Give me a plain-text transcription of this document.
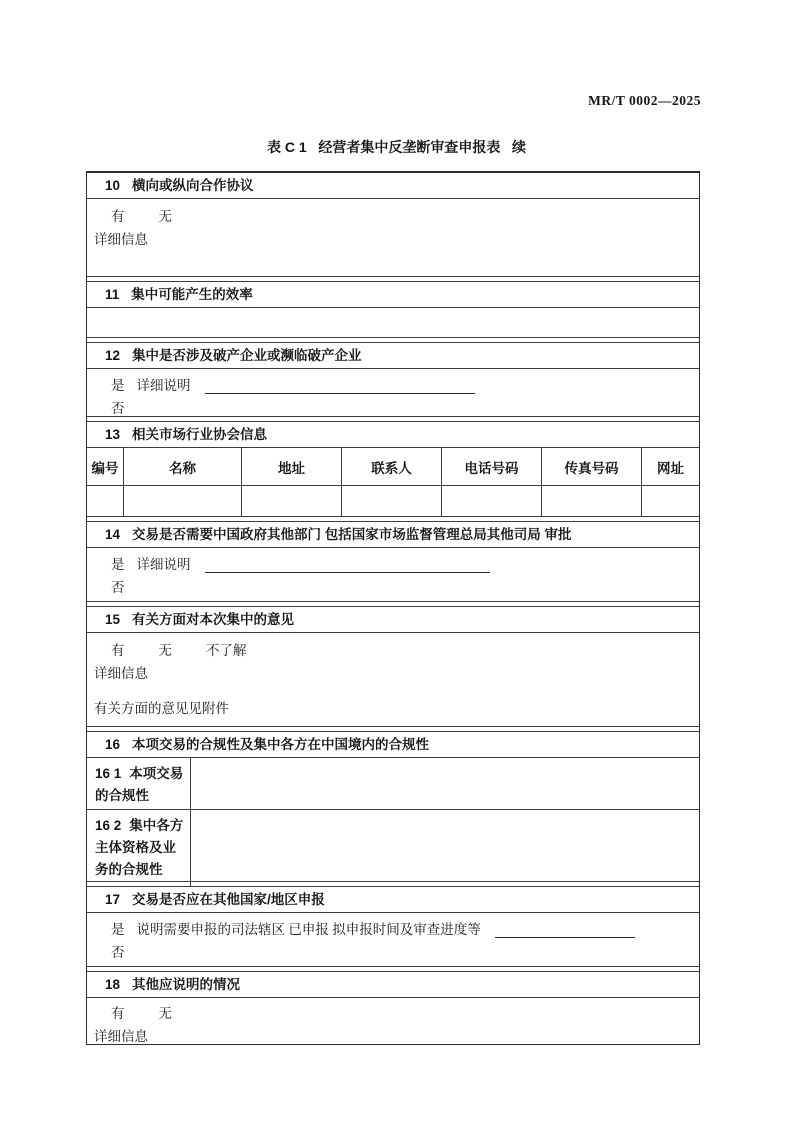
MR/T 0002—2025
表 C 1   经营者集中反垄断审查申报表   续
10 横向或纵向合作协议
有	无
详细信息
11 集中可能产生的效率
12 集中是否涉及破产企业或濒临破产企业
是 详细说明
否
13 相关市场行业协会信息
编号	名称	地址	联系人	电话号码	传真号码	网址
14 交易是否需要中国政府其他部门 包括国家市场监督管理总局其他司局 审批
是 详细说明
否
15 有关方面对本次集中的意见
有	无	不了解
详细信息
有关方面的意见见附件
16 本项交易的合规性及集中各方在中国境内的合规性
16 1 本项交易的合规性
16 2 集中各方主体资格及业务的合规性
17 交易是否应在其他国家/地区申报
是 说明需要申报的司法辖区 已申报 拟申报时间及审查进度等
否
18 其他应说明的情况
有	无
详细信息
